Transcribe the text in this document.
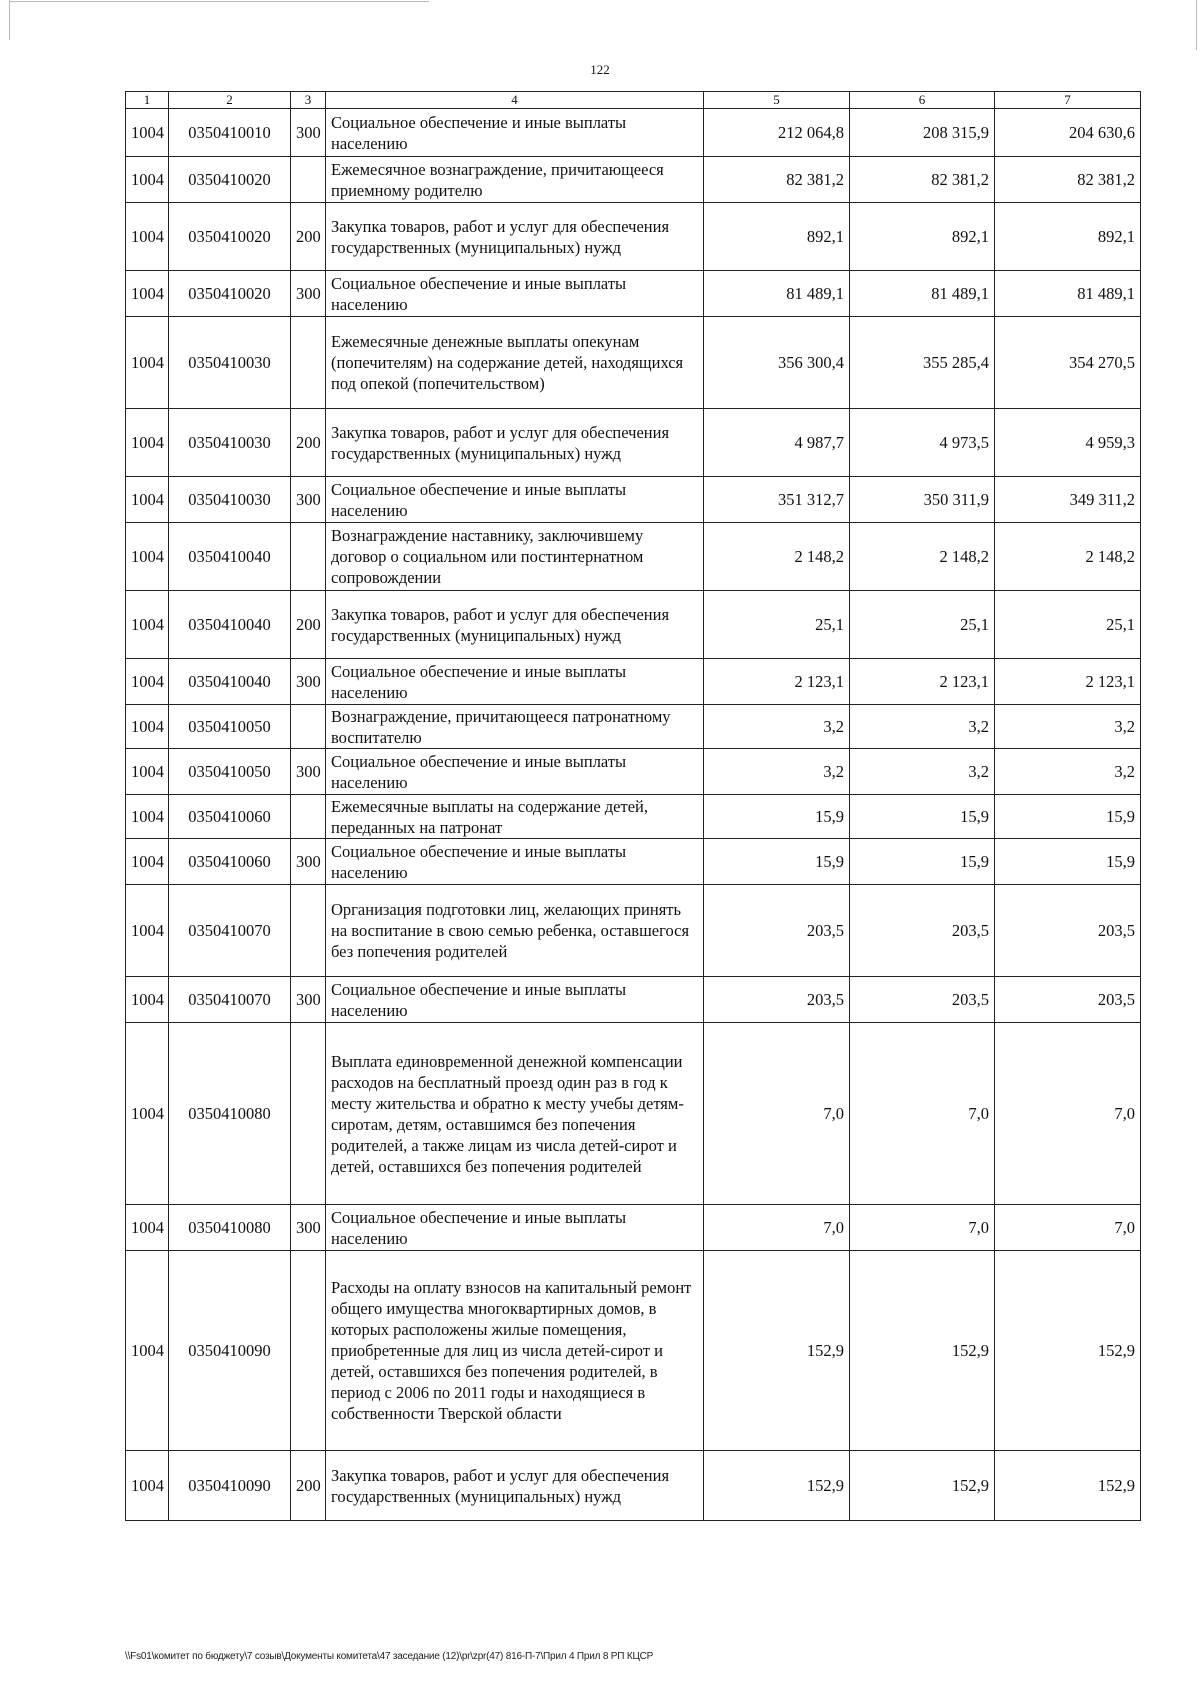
122
1	2	3	4	5	6	7
1004	0350410010	300	Социальное обеспечение и иные выплаты населению	212 064,8	208 315,9	204 630,6
1004	0350410020		Ежемесячное вознаграждение, причитающееся приемному родителю	82 381,2	82 381,2	82 381,2
1004	0350410020	200	Закупка товаров, работ и услуг для обеспечения государственных (муниципальных) нужд	892,1	892,1	892,1
1004	0350410020	300	Социальное обеспечение и иные выплаты населению	81 489,1	81 489,1	81 489,1
1004	0350410030		Ежемесячные денежные выплаты опекунам (попечителям) на содержание детей, находящихся под опекой (попечительством)	356 300,4	355 285,4	354 270,5
1004	0350410030	200	Закупка товаров, работ и услуг для обеспечения государственных (муниципальных) нужд	4 987,7	4 973,5	4 959,3
1004	0350410030	300	Социальное обеспечение и иные выплаты населению	351 312,7	350 311,9	349 311,2
1004	0350410040		Вознаграждение наставнику, заключившему договор о социальном или постинтернатном сопровождении	2 148,2	2 148,2	2 148,2
1004	0350410040	200	Закупка товаров, работ и услуг для обеспечения государственных (муниципальных) нужд	25,1	25,1	25,1
1004	0350410040	300	Социальное обеспечение и иные выплаты населению	2 123,1	2 123,1	2 123,1
1004	0350410050		Вознаграждение, причитающееся патронатному воспитателю	3,2	3,2	3,2
1004	0350410050	300	Социальное обеспечение и иные выплаты населению	3,2	3,2	3,2
1004	0350410060		Ежемесячные выплаты на содержание детей, переданных на патронат	15,9	15,9	15,9
1004	0350410060	300	Социальное обеспечение и иные выплаты населению	15,9	15,9	15,9
1004	0350410070		Организация подготовки лиц, желающих принять на воспитание в свою семью ребенка, оставшегося без попечения родителей	203,5	203,5	203,5
1004	0350410070	300	Социальное обеспечение и иные выплаты населению	203,5	203,5	203,5
1004	0350410080		Выплата единовременной денежной компенсации расходов на бесплатный проезд один раз в год к месту жительства и обратно к месту учебы детям-сиротам, детям, оставшимся без попечения родителей, а также лицам из числа детей-сирот и детей, оставшихся без попечения родителей	7,0	7,0	7,0
1004	0350410080	300	Социальное обеспечение и иные выплаты населению	7,0	7,0	7,0
1004	0350410090		Расходы на оплату взносов на капитальный ремонт общего имущества многоквартирных домов, в которых расположены жилые помещения, приобретенные для лиц из числа детей-сирот и детей, оставшихся без попечения родителей, в период с 2006 по 2011 годы и находящиеся в собственности Тверской области	152,9	152,9	152,9
1004	0350410090	200	Закупка товаров, работ и услуг для обеспечения государственных (муниципальных) нужд	152,9	152,9	152,9
\\Fs01\комитет по бюджету\7 созыв\Документы комитета\47 заседание (12)\pr\zpr(47) 816-П-7\Прил 4 Прил 8 РП КЦСР
